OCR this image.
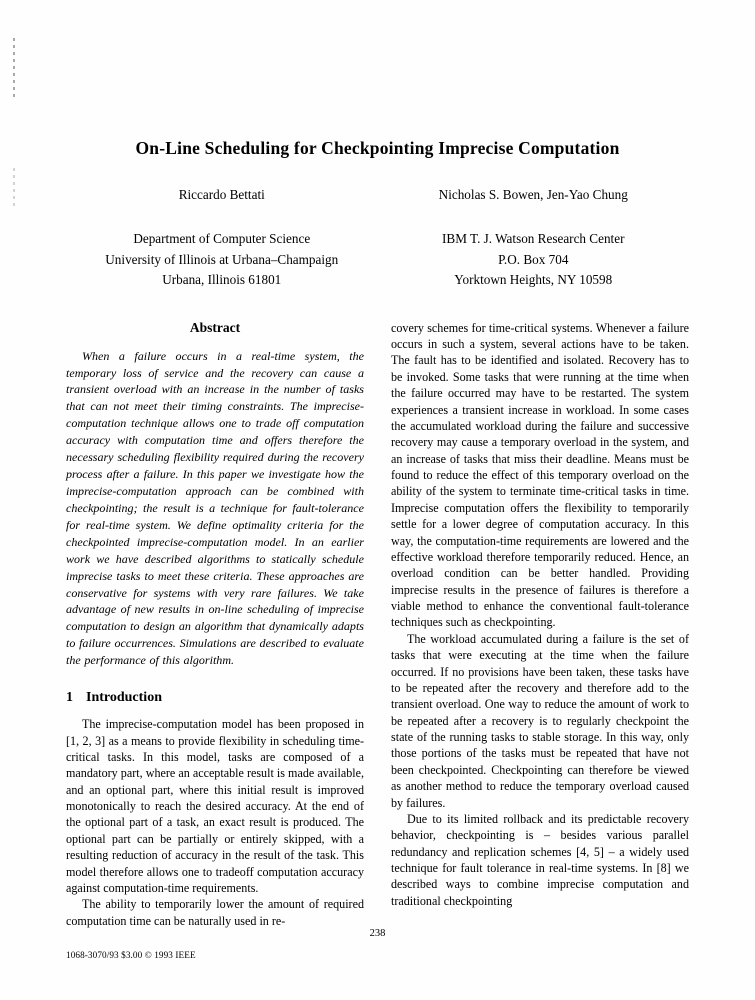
On-Line Scheduling for Checkpointing Imprecise Computation
Riccardo Bettati	Nicholas S. Bowen, Jen-Yao Chung
Department of Computer Science
University of Illinois at Urbana–Champaign
Urbana, Illinois 61801
IBM T. J. Watson Research Center
P.O. Box 704
Yorktown Heights, NY 10598
Abstract

When a failure occurs in a real-time system, the temporary loss of service and the recovery can cause a transient overload with an increase in the number of tasks that can not meet their timing constraints. The imprecise-computation technique allows one to trade off computation accuracy with computation time and offers therefore the necessary scheduling flexibility required during the recovery process after a failure. In this paper we investigate how the imprecise-computation approach can be combined with checkpointing; the result is a technique for fault-tolerance for real-time system. We define optimality criteria for the checkpointed imprecise-computation model. In an earlier work we have described algorithms to statically schedule imprecise tasks to meet these criteria. These approaches are conservative for systems with very rare failures. We take advantage of new results in on-line scheduling of imprecise computation to design an algorithm that dynamically adapts to failure occurrences. Simulations are described to evaluate the performance of this algorithm.

1 Introduction

The imprecise-computation model has been proposed in [1, 2, 3] as a means to provide flexibility in scheduling time-critical tasks. In this model, tasks are composed of a mandatory part, where an acceptable result is made available, and an optional part, where this initial result is improved monotonically to reach the desired accuracy. At the end of the optional part of a task, an exact result is produced. The optional part can be partially or entirely skipped, with a resulting reduction of accuracy in the result of the task. This model therefore allows one to tradeoff computation accuracy against computation-time requirements.

The ability to temporarily lower the amount of required computation time can be naturally used in re-

covery schemes for time-critical systems. Whenever a failure occurs in such a system, several actions have to be taken. The fault has to be identified and isolated. Recovery has to be invoked. Some tasks that were running at the time when the failure occurred may have to be restarted. The system experiences a transient increase in workload. In some cases the accumulated workload during the failure and successive recovery may cause a temporary overload in the system, and an increase of tasks that miss their deadline. Means must be found to reduce the effect of this temporary overload on the ability of the system to terminate time-critical tasks in time. Imprecise computation offers the flexibility to temporarily settle for a lower degree of computation accuracy. In this way, the computation-time requirements are lowered and the effective workload therefore temporarily reduced. Hence, an overload condition can be better handled. Providing imprecise results in the presence of failures is therefore a viable method to enhance the conventional fault-tolerance techniques such as checkpointing.

The workload accumulated during a failure is the set of tasks that were executing at the time when the failure occurred. If no provisions have been taken, these tasks have to be repeated after the recovery and therefore add to the transient overload. One way to reduce the amount of work to be repeated after a recovery is to regularly checkpoint the state of the running tasks to stable storage. In this way, only those portions of the tasks must be repeated that have not been checkpointed. Checkpointing can therefore be viewed as another method to reduce the temporary overload caused by failures.

Due to its limited rollback and its predictable recovery behavior, checkpointing is – besides various parallel redundancy and replication schemes [4, 5] – a widely used technique for fault tolerance in real-time systems. In [8] we described ways to combine imprecise computation and traditional checkpointing

238
1068-3070/93 $3.00 © 1993 IEEE
